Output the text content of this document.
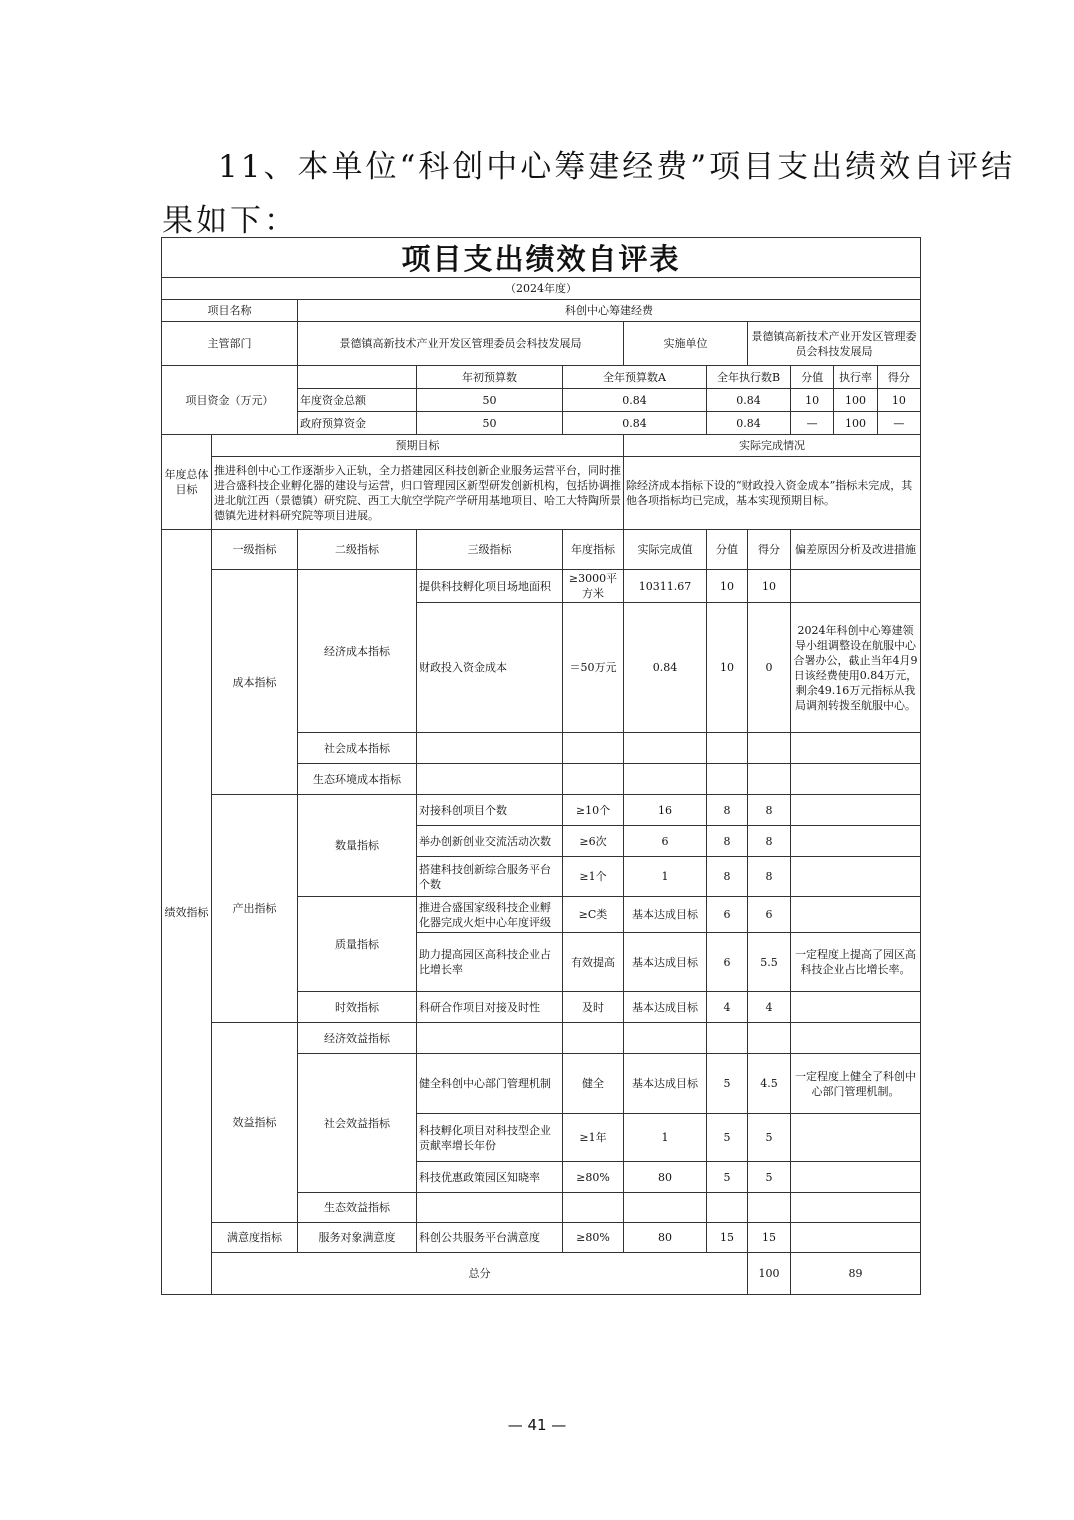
11、本单位“科创中心筹建经费”项目支出绩效自评结
果如下：
项目支出绩效自评表									
（2024年度）									
项目名称		科创中心筹建经费							
主管部门		景德镇高新技术产业开发区管理委员会科技发展局			实施单位		景德镇高新技术产业开发区管理委员会科技发展局		
项目资金（万元）			年初预算数	全年预算数A		全年执行数B		分值 执行率 得分	

		年度资金总额	50	0.84		0.84		10 100 10	

		政府预算资金	50	0.84		0.84		— 100 —	

年度总体目标	预期目标				实际完成情况				
	推进科创中心工作逐渐步入正轨，全力搭建园区科技创新企业服务运营平台，同时推进合盛科技企业孵化器的建设与运营，归口管理园区新型研发创新机构，包括协调推进北航江西（景德镇）研究院、西工大航空学院产学研用基地项目、哈工大特陶所景德镇先进材料研究院等项目进展。				除经济成本指标下设的“财政投入资金成本”指标未完成，其他各项指标均已完成，基本实现预期目标。				
绩效指标	一级指标	二级指标	三级指标	年度指标	实际完成值	分值	得分	偏差原因分析及改进措施	
	成本指标	经济成本指标	提供科技孵化项目场地面积	≥3000平方米	10311.67	10	10		
			财政投入资金成本	＝50万元	0.84	10	0	2024年科创中心筹建领导小组调整设在航服中心合署办公，截止当年4月9日该经费使用0.84万元，剩余49.16万元指标从我局调剂转拨至航服中心。	
		社会成本指标							
		生态环境成本指标							
	产出指标	数量指标	对接科创项目个数	≥10个	16	8	8		
			举办创新创业交流活动次数	≥6次	6	8	8		
			搭建科技创新综合服务平台个数	≥1个	1	8	8		
		质量指标	推进合盛国家级科技企业孵化器完成火炬中心年度评级	≥C类	基本达成目标	6	6		
			助力提高园区高科技企业占比增长率	有效提高	基本达成目标	6	5.5	一定程度上提高了园区高科技企业占比增长率。	
		时效指标	科研合作项目对接及时性	及时	基本达成目标	4	4		
	效益指标	经济效益指标							
		社会效益指标	健全科创中心部门管理机制	健全	基本达成目标	5	4.5	一定程度上健全了科创中心部门管理机制。	
			科技孵化项目对科技型企业贡献率增长年份	≥1年	1	5	5		
			科技优惠政策园区知晓率	≥80%	80	5	5		
		生态效益指标							
	满意度指标	服务对象满意度	科创公共服务平台满意度	≥80%	80	15	15		
	总分						100	89	
— 41 —
